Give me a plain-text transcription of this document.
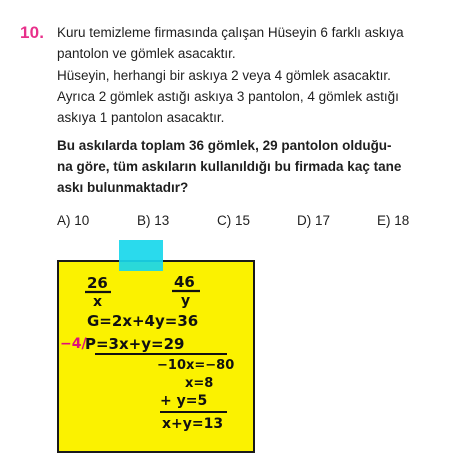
10. Kuru temizleme firmasında çalışan Hüseyin 6 farklı askıya
pantolon ve gömlek asacaktır.
Hüseyin, herhangi bir askıya 2 veya 4 gömlek asacaktır.
Ayrıca 2 gömlek astığı askıya 3 pantolon, 4 gömlek astığı
askıya 1 pantolon asacaktır.
Bu askılarda toplam 36 gömlek, 29 pantolon olduğu-
na göre, tüm askıların kullanıldığı bu firmada kaç tane
askı bulunmaktadır?
A) 10	B) 13	C) 15	D) 17	E) 18
26
x
46
y
G=2x+4y=36
−4/
P=3x+y=29
−10x=−80
x=8
+ y=5
x+y=13
